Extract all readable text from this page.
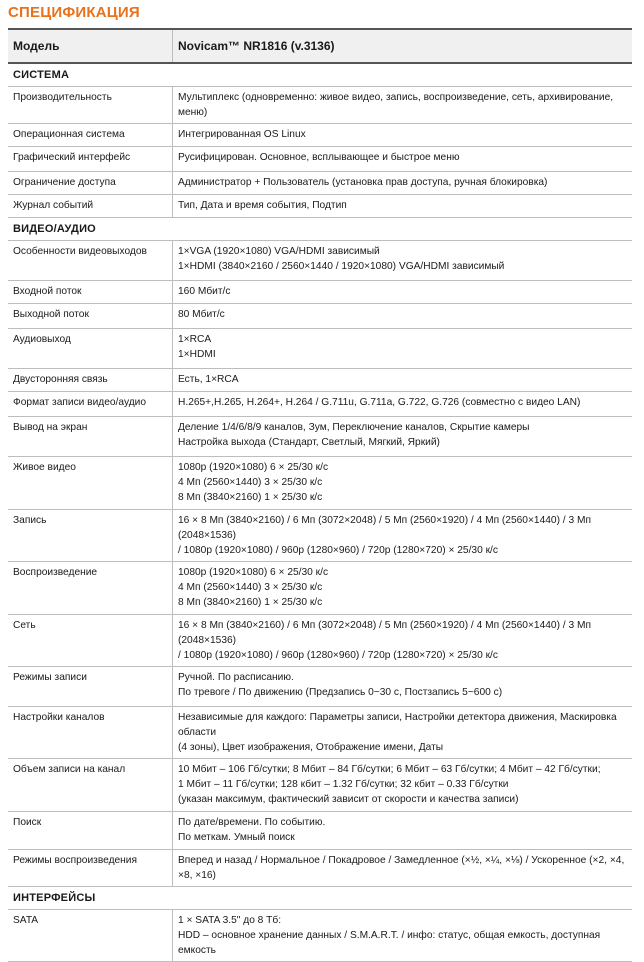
СПЕЦИФИКАЦИЯ
Модель	Novicam™ NR1816 (v.3136)
СИСТЕМА
Производительность	Мультиплекс (одновременно: живое видео, запись, воспроизведение, сеть, архивирование, меню)
Операционная система	Интегрированная OS Linux
Графический интерфейс	Русифицирован. Основное, всплывающее и быстрое меню
Ограничение доступа	Администратор + Пользователь (установка прав доступа, ручная блокировка)
Журнал событий	Тип, Дата и время события, Подтип
ВИДЕО/АУДИО
Особенности видеовыходов	1×VGA (1920×1080) VGA/HDMI зависимый
1×HDMI (3840×2160 / 2560×1440 / 1920×1080) VGA/HDMI зависимый
Входной поток	160 Мбит/с
Выходной поток	80 Мбит/с
Аудиовыход	1×RCA
1×HDMI
Двусторонняя связь	Есть, 1×RCA
Формат записи видео/аудио	H.265+,H.265, H.264+, H.264 / G.711u, G.711a, G.722, G.726 (совместно с видео LAN)
Вывод на экран	Деление 1/4/6/8/9 каналов, Зум, Переключение каналов, Скрытие камеры
Настройка выхода (Стандарт, Светлый, Мягкий, Яркий)
Живое видео	1080p (1920×1080) 6 × 25/30 к/с
4 Мп (2560×1440) 3 × 25/30 к/с
8 Мп (3840×2160) 1 × 25/30 к/с
Запись	16 × 8 Мп (3840×2160) / 6 Мп (3072×2048) / 5 Мп (2560×1920) / 4 Мп (2560×1440) / 3 Мп (2048×1536)
/ 1080p (1920×1080) / 960p (1280×960) / 720p (1280×720) × 25/30 к/с
Воспроизведение	1080p (1920×1080) 6 × 25/30 к/с
4 Мп (2560×1440) 3 × 25/30 к/с
8 Мп (3840×2160) 1 × 25/30 к/с
Сеть	16 × 8 Мп (3840×2160) / 6 Мп (3072×2048) / 5 Мп (2560×1920) / 4 Мп (2560×1440) / 3 Мп (2048×1536)
/ 1080p (1920×1080) / 960p (1280×960) / 720p (1280×720) × 25/30 к/с
Режимы записи	Ручной. По расписанию.
По тревоге / По движению (Предзапись 0~30 с, Постзапись 5~600 с)
Настройки каналов	Независимые для каждого: Параметры записи, Настройки детектора движения, Маскировка области
(4 зоны), Цвет изображения, Отображение имени, Даты
Объем записи на канал	10 Мбит – 106 Гб/сутки; 8 Мбит – 84 Гб/сутки; 6 Мбит – 63 Гб/сутки; 4 Мбит – 42 Гб/сутки;
1 Мбит – 11 Гб/сутки; 128 кбит – 1.32 Гб/сутки; 32 кбит – 0.33 Гб/сутки
(указан максимум, фактический зависит от скорости и качества записи)
Поиск	По дате/времени. По событию.
По меткам. Умный поиск
Режимы воспроизведения	Вперед и назад / Нормальное / Покадровое / Замедленное (×½, ×¼, ×⅛) / Ускоренное (×2, ×4, ×8, ×16)
ИНТЕРФЕЙСЫ
SATA	1 × SATA 3.5" до 8 Тб:
HDD – основное хранение данных / S.M.A.R.T. / инфо: статус, общая емкость, доступная емкость
